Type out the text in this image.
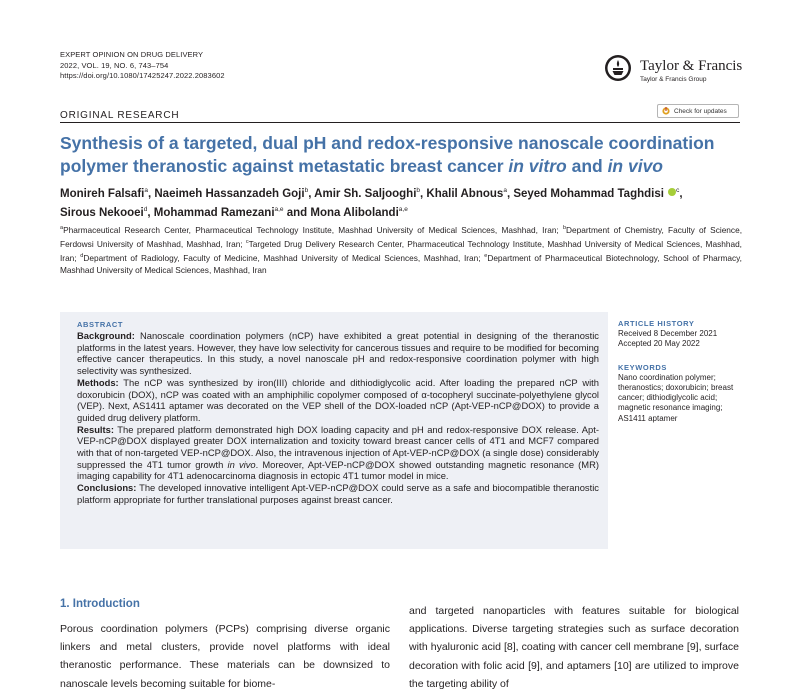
EXPERT OPINION ON DRUG DELIVERY
2022, VOL. 19, NO. 6, 743–754
https://doi.org/10.1080/17425247.2022.2083602
Taylor & Francis
Taylor & Francis Group
ORIGINAL RESEARCH	Check for updates
Synthesis of a targeted, dual pH and redox-responsive nanoscale coordination polymer theranostic against metastatic breast cancer in vitro and in vivo
Monireh Falsafi$^a$, Naeimeh Hassanzadeh Goji$^b$, Amir Sh. Saljooghi$^b$, Khalil Abnous$^a$, Seyed Mohammad Taghdisi $^c$,
Sirous Nekooei$^d$, Mohammad Ramezani$^{a,e}$ and Mona Alibolandi$^{a,e}$
$^a$Pharmaceutical Research Center, Pharmaceutical Technology Institute, Mashhad University of Medical Sciences, Mashhad, Iran; $^b$Department of Chemistry, Faculty of Science, Ferdowsi University of Mashhad, Mashhad, Iran; $^c$Targeted Drug Delivery Research Center, Pharmaceutical Technology Institute, Mashhad University of Medical Sciences, Mashhad, Iran; $^d$Department of Radiology, Faculty of Medicine, Mashhad University of Medical Sciences, Mashhad, Iran; $^e$Department of Pharmaceutical Biotechnology, School of Pharmacy, Mashhad University of Medical Sciences, Mashhad, Iran
ABSTRACT

Background: Nanoscale coordination polymers (nCP) have exhibited a great potential in designing of the theranostic platforms in the latest years. However, they have low selectivity for cancerous tissues and require to be modified for becoming effective cancer therapeutics. In this study, a novel nanoscale pH and redox-responsive coordination polymer with high selectivity was synthesized.

Methods: The nCP was synthesized by iron(III) chloride and dithiodiglycolic acid. After loading the prepared nCP with doxorubicin (DOX), nCP was coated with an amphiphilic copolymer composed of α-tocopheryl succinate-polyethylene glycol (VEP). Next, AS1411 aptamer was decorated on the VEP shell of the DOX-loaded nCP (Apt-VEP-nCP@DOX) to provide a guided drug delivery platform.

Results: The prepared platform demonstrated high DOX loading capacity and pH and redox-responsive DOX release. Apt-VEP-nCP@DOX displayed greater DOX internalization and toxicity toward breast cancer cells of 4T1 and MCF7 compared with that of non-targeted VEP-nCP@DOX. Also, the intravenous injection of Apt-VEP-nCP@DOX (a single dose) considerably suppressed the 4T1 tumor growth in vivo. Moreover, Apt-VEP-nCP@DOX showed outstanding magnetic resonance (MR) imaging capability for 4T1 adenocarcinoma diagnosis in ectopic 4T1 tumor model in mice.

Conclusions: The developed innovative intelligent Apt-VEP-nCP@DOX could serve as a safe and biocompatible theranostic platform appropriate for further translational purposes against breast cancer.

ARTICLE HISTORY
Received 8 December 2021
Accepted 20 May 2022
KEYWORDS
Nano coordination polymer; theranostics; doxorubicin; breast cancer; dithiodiglycolic acid; magnetic resonance imaging; AS1411 aptamer
1. Introduction
Porous coordination polymers (PCPs) comprising diverse organic linkers and metal clusters, provide novel platforms with ideal theranostic performance. These materials can be downsized to nanoscale levels becoming suitable for biome-
and targeted nanoparticles with features suitable for biological applications. Diverse targeting strategies such as surface decoration with hyaluronic acid [8], coating with cancer cell membrane [9], surface decoration with folic acid [9], and aptamers [10] are utilized to improve the targeting ability of
